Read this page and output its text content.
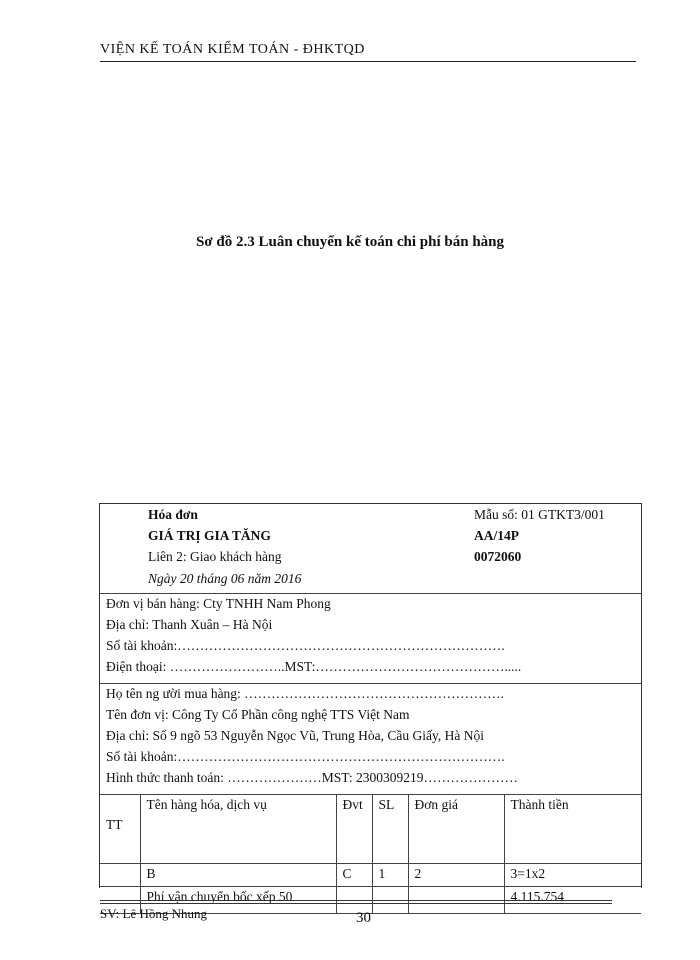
VIỆN KẾ TOÁN KIỂM TOÁN - ĐHKTQD
Sơ đồ 2.3 Luân chuyển kế toán chi phí bán hàng
Hóa đơn
GIÁ TRỊ GIA TĂNG
Liên 2: Giao khách hàng
Ngày 20 tháng 06 năm 2016
Mẫu số: 01 GTKT3/001
AA/14P
0072060
Đơn vị bán hàng: Cty TNHH Nam Phong
Địa chỉ: Thanh Xuân – Hà Nội
Số tài khoản:……………………………………………………………….
Điện thoại: ……………………..MST:…………………………………….....
Họ tên ng ười mua hàng: ………………………………………………….
Tên đơn vị: Công Ty Cổ Phần công nghệ TTS Việt Nam
Địa chỉ: Số 9 ngõ 53 Nguyễn Ngọc Vũ, Trung Hòa, Cầu Giấy, Hà Nội
Số tài khoản:……………………………………………………………….
Hình thức thanh toán: …………………MST: 2300309219…………………
TT	Tên hàng hóa, dịch vụ	Đvt	SL	Đơn giá	Thành tiền
	B	C	1	2	3=1x2
	Phí vận chuyển bốc xếp 50				4.115.754
SV: Lê Hồng Nhung	30
